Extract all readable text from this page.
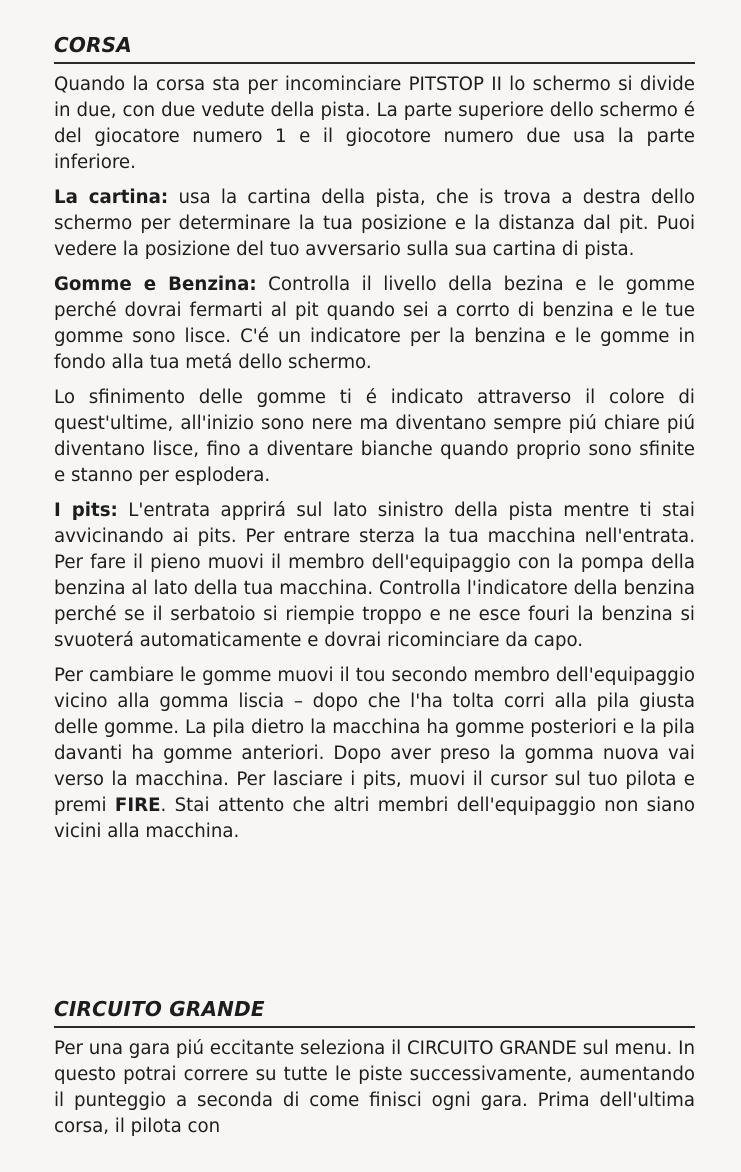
CORSA

Quando la corsa sta per incominciare PITSTOP II lo schermo si divide in due, con due vedute della pista. La parte superiore dello schermo é del giocatore numero 1 e il giocotore numero due usa la parte inferiore.

La cartina: usa la cartina della pista, che is trova a destra dello schermo per determinare la tua posizione e la distanza dal pit. Puoi vedere la posizione del tuo avversario sulla sua cartina di pista.

Gomme e Benzina: Controlla il livello della bezina e le gomme perché dovrai fermarti al pit quando sei a corrto di benzina e le tue gomme sono lisce. C'é un indicatore per la benzina e le gomme in fondo alla tua metá dello schermo.

Lo sfinimento delle gomme ti é indicato attraverso il colore di quest'ultime, all'inizio sono nere ma diventano sempre piú chiare piú diventano lisce, fino a diventare bianche quando proprio sono sfinite e stanno per esplodera.

I pits: L'entrata apprirá sul lato sinistro della pista mentre ti stai avvicinando ai pits. Per entrare sterza la tua macchina nell'entrata. Per fare il pieno muovi il membro dell'equipaggio con la pompa della benzina al lato della tua macchina. Controlla l'indicatore della benzina perché se il serbatoio si riempie troppo e ne esce fouri la benzina si svuoterá automaticamente e dovrai ricominciare da capo.

Per cambiare le gomme muovi il tou secondo membro dell'equipaggio vicino alla gomma liscia – dopo che l'ha tolta corri alla pila giusta delle gomme. La pila dietro la macchina ha gomme posteriori e la pila davanti ha gomme anteriori. Dopo aver preso la gomma nuova vai verso la macchina. Per lasciare i pits, muovi il cursor sul tuo pilota e premi FIRE. Stai attento che altri membri dell'equipaggio non siano vicini alla macchina.

CIRCUITO GRANDE

Per una gara piú eccitante seleziona il CIRCUITO GRANDE sul menu. In questo potrai correre su tutte le piste successivamente, aumentando il punteggio a seconda di come finisci ogni gara. Prima dell'ultima corsa, il pilota con
